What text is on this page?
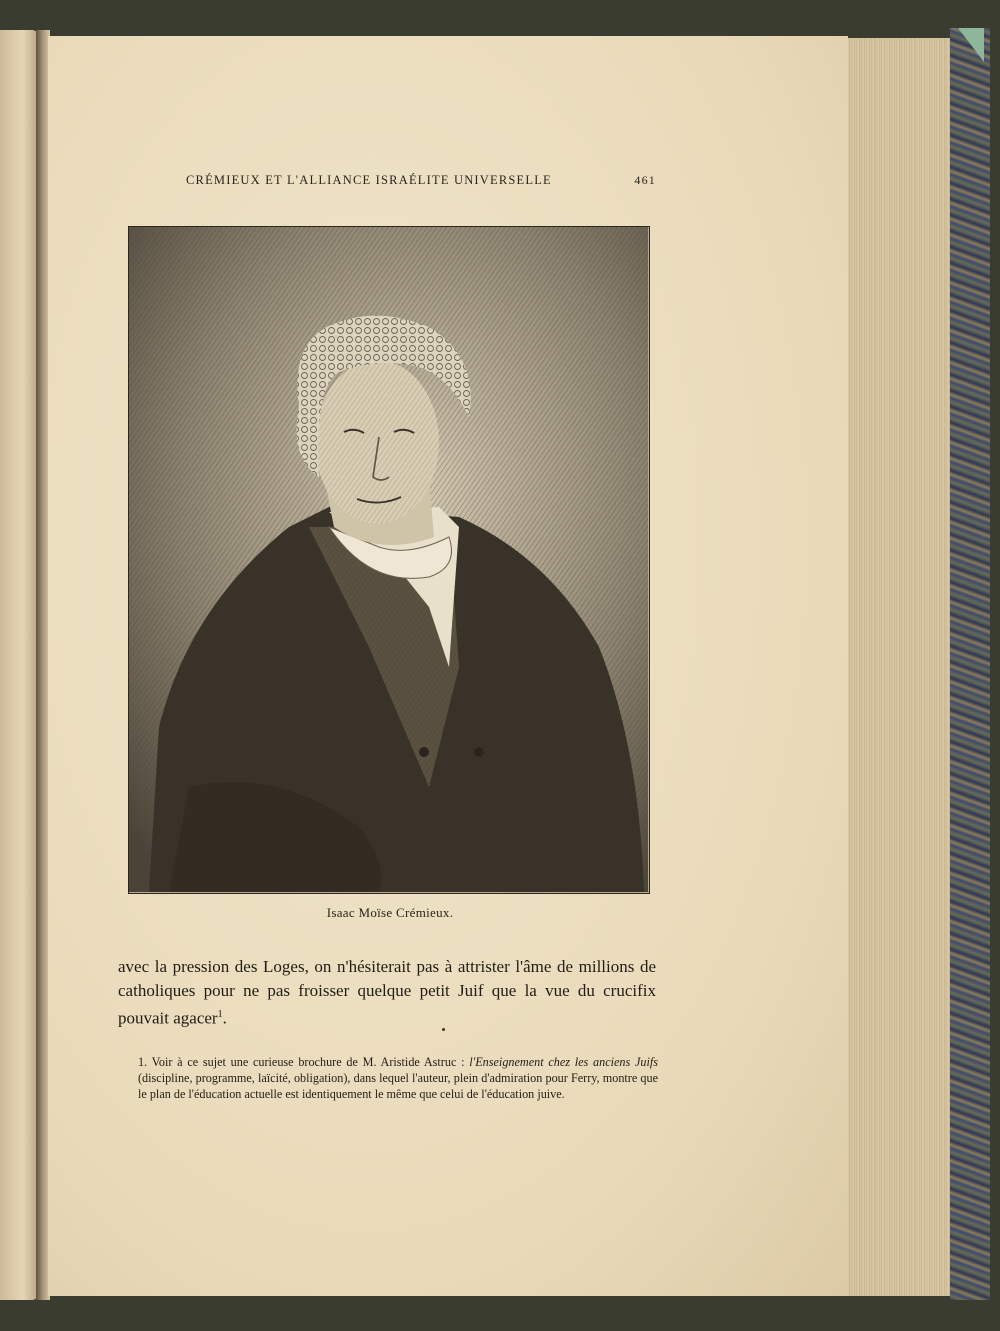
CRÉMIEUX ET L'ALLIANCE ISRAÉLITE UNIVERSELLE	461
Isaac Moïse Crémieux.

avec la pression des Loges, on n'hésiterait pas à attrister l'âme de millions de catholiques pour ne pas froisser quelque petit Juif que la vue du crucifix pouvait agacer$^1$.

1. Voir à ce sujet une curieuse brochure de M. Aristide Astruc : l'Enseignement chez les anciens Juifs (discipline, programme, laïcité, obligation), dans lequel l'auteur, plein d'admiration pour Ferry, montre que le plan de l'éducation actuelle est identiquement le même que celui de l'éducation juive.
